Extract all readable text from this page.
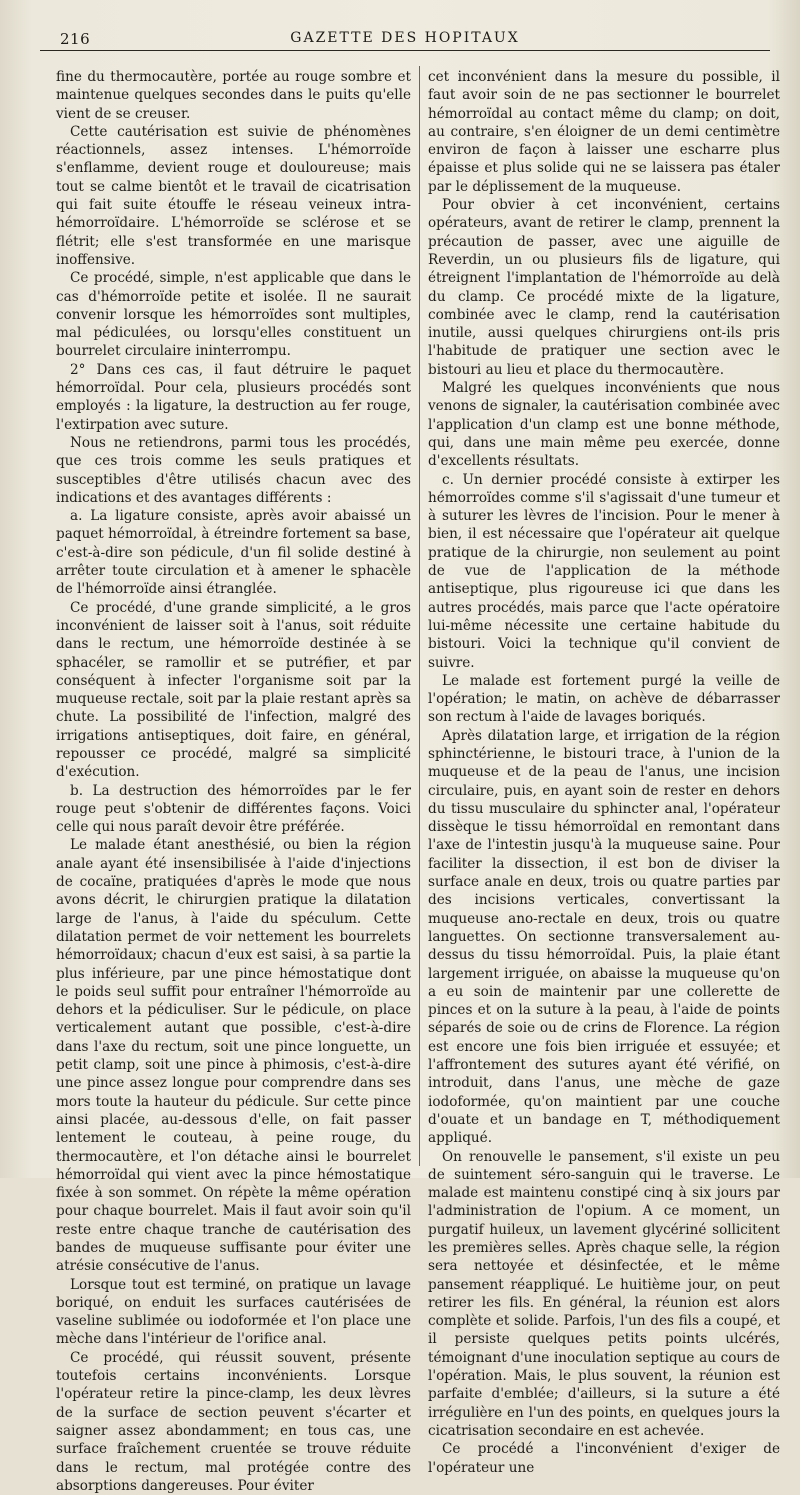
216	GAZETTE DES HOPITAUX

fine du thermocautère, portée au rouge sombre et maintenue quelques secondes dans le puits qu'elle vient de se creuser.

Cette cautérisation est suivie de phénomènes réactionnels, assez intenses. L'hémorroïde s'enflamme, devient rouge et douloureuse; mais tout se calme bientôt et le travail de cicatrisation qui fait suite étouffe le réseau veineux intra-hémorroïdaire. L'hémorroïde se sclérose et se flétrit; elle s'est transformée en une marisque inoffensive.

Ce procédé, simple, n'est applicable que dans le cas d'hémorroïde petite et isolée. Il ne saurait convenir lorsque les hémorroïdes sont multiples, mal pédiculées, ou lorsqu'elles constituent un bourrelet circulaire ininterrompu.

2° Dans ces cas, il faut détruire le paquet hémorroïdal. Pour cela, plusieurs procédés sont employés : la ligature, la destruction au fer rouge, l'extirpation avec suture.

Nous ne retiendrons, parmi tous les procédés, que ces trois comme les seuls pratiques et susceptibles d'être utilisés chacun avec des indications et des avantages différents :

a. La ligature consiste, après avoir abaissé un paquet hémorroïdal, à étreindre fortement sa base, c'est-à-dire son pédicule, d'un fil solide destiné à arrêter toute circulation et à amener le sphacèle de l'hémorroïde ainsi étranglée.

Ce procédé, d'une grande simplicité, a le gros inconvénient de laisser soit à l'anus, soit réduite dans le rectum, une hémorroïde destinée à se sphacéler, se ramollir et se putréfier, et par conséquent à infecter l'organisme soit par la muqueuse rectale, soit par la plaie restant après sa chute. La possibilité de l'infection, malgré des irrigations antiseptiques, doit faire, en général, repousser ce procédé, malgré sa simplicité d'exécution.

b. La destruction des hémorroïdes par le fer rouge peut s'obtenir de différentes façons. Voici celle qui nous paraît devoir être préférée.

Le malade étant anesthésié, ou bien la région anale ayant été insensibilisée à l'aide d'injections de cocaïne, pratiquées d'après le mode que nous avons décrit, le chirurgien pratique la dilatation large de l'anus, à l'aide du spéculum. Cette dilatation permet de voir nettement les bourrelets hémorroïdaux; chacun d'eux est saisi, à sa partie la plus inférieure, par une pince hémostatique dont le poids seul suffit pour entraîner l'hémorroïde au dehors et la pédiculiser. Sur le pédicule, on place verticalement autant que possible, c'est-à-dire dans l'axe du rectum, soit une pince longuette, un petit clamp, soit une pince à phimosis, c'est-à-dire une pince assez longue pour comprendre dans ses mors toute la hauteur du pédicule. Sur cette pince ainsi placée, au-dessous d'elle, on fait passer lentement le couteau, à peine rouge, du thermocautère, et l'on détache ainsi le bourrelet hémorroïdal qui vient avec la pince hémostatique fixée à son sommet. On répète la même opération pour chaque bourrelet. Mais il faut avoir soin qu'il reste entre chaque tranche de cautérisation des bandes de muqueuse suffisante pour éviter une atrésie consécutive de l'anus.

Lorsque tout est terminé, on pratique un lavage boriqué, on enduit les surfaces cautérisées de vaseline sublimée ou iodoformée et l'on place une mèche dans l'intérieur de l'orifice anal.

Ce procédé, qui réussit souvent, présente toutefois certains inconvénients. Lorsque l'opérateur retire la pince-clamp, les deux lèvres de la surface de section peuvent s'écarter et saigner assez abondamment; en tous cas, une surface fraîchement cruentée se trouve réduite dans le rectum, mal protégée contre des absorptions dangereuses. Pour éviter

cet inconvénient dans la mesure du possible, il faut avoir soin de ne pas sectionner le bourrelet hémorroïdal au contact même du clamp; on doit, au contraire, s'en éloigner de un demi centimètre environ de façon à laisser une escharre plus épaisse et plus solide qui ne se laissera pas étaler par le déplissement de la muqueuse.

Pour obvier à cet inconvénient, certains opérateurs, avant de retirer le clamp, prennent la précaution de passer, avec une aiguille de Reverdin, un ou plusieurs fils de ligature, qui étreignent l'implantation de l'hémorroïde au delà du clamp. Ce procédé mixte de la ligature, combinée avec le clamp, rend la cautérisation inutile, aussi quelques chirurgiens ont-ils pris l'habitude de pratiquer une section avec le bistouri au lieu et place du thermocautère.

Malgré les quelques inconvénients que nous venons de signaler, la cautérisation combinée avec l'application d'un clamp est une bonne méthode, qui, dans une main même peu exercée, donne d'excellents résultats.

c. Un dernier procédé consiste à extirper les hémorroïdes comme s'il s'agissait d'une tumeur et à suturer les lèvres de l'incision. Pour le mener à bien, il est nécessaire que l'opérateur ait quelque pratique de la chirurgie, non seulement au point de vue de l'application de la méthode antiseptique, plus rigoureuse ici que dans les autres procédés, mais parce que l'acte opératoire lui-même nécessite une certaine habitude du bistouri. Voici la technique qu'il convient de suivre.

Le malade est fortement purgé la veille de l'opération; le matin, on achève de débarrasser son rectum à l'aide de lavages boriqués.

Après dilatation large, et irrigation de la région sphinctérienne, le bistouri trace, à l'union de la muqueuse et de la peau de l'anus, une incision circulaire, puis, en ayant soin de rester en dehors du tissu musculaire du sphincter anal, l'opérateur dissèque le tissu hémorroïdal en remontant dans l'axe de l'intestin jusqu'à la muqueuse saine. Pour faciliter la dissection, il est bon de diviser la surface anale en deux, trois ou quatre parties par des incisions verticales, convertissant la muqueuse ano-rectale en deux, trois ou quatre languettes. On sectionne transversalement au-dessus du tissu hémorroïdal. Puis, la plaie étant largement irriguée, on abaisse la muqueuse qu'on a eu soin de maintenir par une collerette de pinces et on la suture à la peau, à l'aide de points séparés de soie ou de crins de Florence. La région est encore une fois bien irriguée et essuyée; et l'affrontement des sutures ayant été vérifié, on introduit, dans l'anus, une mèche de gaze iodoformée, qu'on maintient par une couche d'ouate et un bandage en T, méthodiquement appliqué.

On renouvelle le pansement, s'il existe un peu de suintement séro-sanguin qui le traverse. Le malade est maintenu constipé cinq à six jours par l'administration de l'opium. A ce moment, un purgatif huileux, un lavement glycériné sollicitent les premières selles. Après chaque selle, la région sera nettoyée et désinfectée, et le même pansement réappliqué. Le huitième jour, on peut retirer les fils. En général, la réunion est alors complète et solide. Parfois, l'un des fils a coupé, et il persiste quelques petits points ulcérés, témoignant d'une inoculation septique au cours de l'opération. Mais, le plus souvent, la réunion est parfaite d'emblée; d'ailleurs, si la suture a été irrégulière en l'un des points, en quelques jours la cicatrisation secondaire en est achevée.

Ce procédé a l'inconvénient d'exiger de l'opérateur une
